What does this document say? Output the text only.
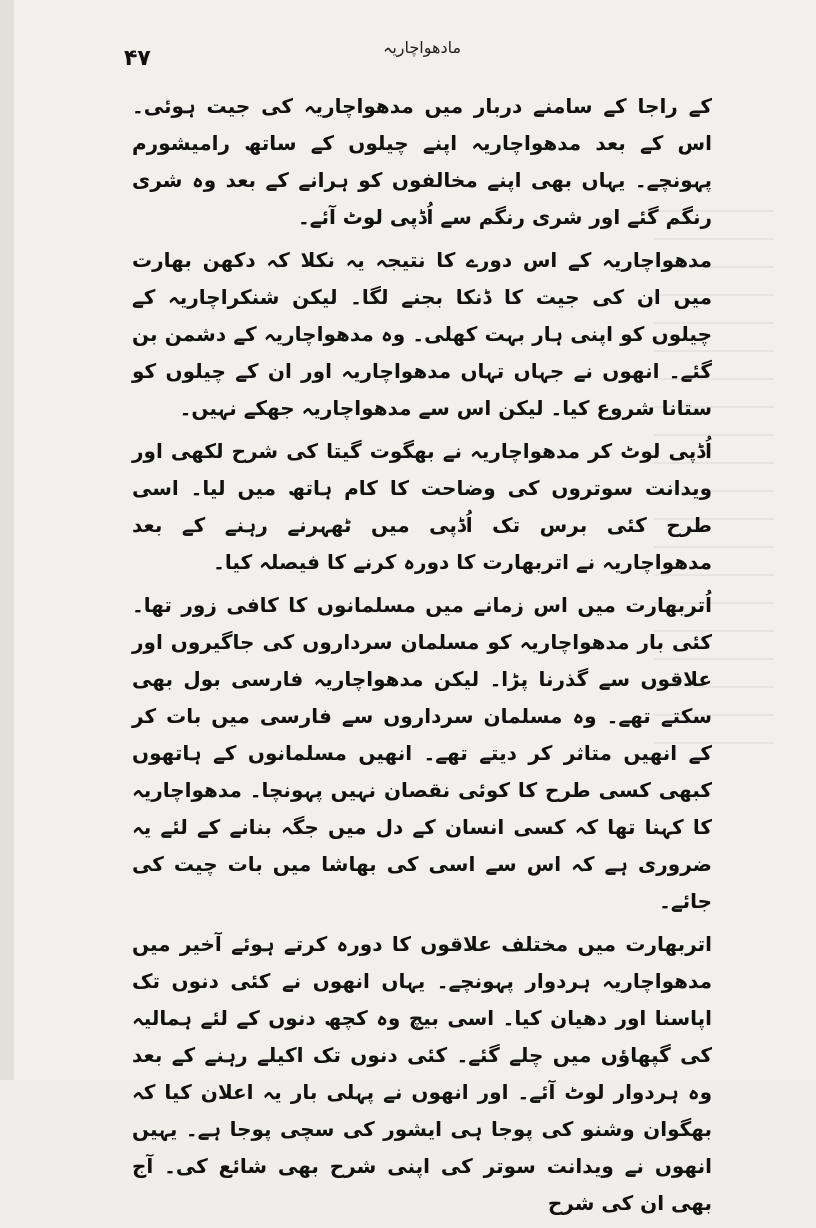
مادھواچاریہ
۴۷

کے راجا کے سامنے دربار میں مدھواچاریہ کی جیت ہوئی۔ اس کے بعد مدھواچاریہ اپنے چیلوں کے ساتھ رامیشورم پہونچے۔ یہاں بھی اپنے مخالفوں کو ہرانے کے بعد وہ شری رنگم گئے اور شری رنگم سے اُڈپی لوٹ آئے۔

مدھواچاریہ کے اس دورے کا نتیجہ یہ نکلا کہ دکھن بھارت میں ان کی جیت کا ڈنکا بجنے لگا۔ لیکن شنکراچاریہ کے چیلوں کو اپنی ہار بہت کھلی۔ وہ مدھواچاریہ کے دشمن بن گئے۔ انھوں نے جہاں تہاں مدھواچاریہ اور ان کے چیلوں کو ستانا شروع کیا۔ لیکن اس سے مدھواچاریہ جھکے نہیں۔

اُڈپی لوٹ کر مدھواچاریہ نے بھگوت گیتا کی شرح لکھی اور ویدانت سوتروں کی وضاحت کا کام ہاتھ میں لیا۔ اسی طرح کئی برس تک اُڈپی میں ٹھہرنے رہنے کے بعد مدھواچاریہ نے اتربھارت کا دورہ کرنے کا فیصلہ کیا۔

اُتربھارت میں اس زمانے میں مسلمانوں کا کافی زور تھا۔ کئی بار مدھواچاریہ کو مسلمان سرداروں کی جاگیروں اور علاقوں سے گذرنا پڑا۔ لیکن مدھواچاریہ فارسی بول بھی سکتے تھے۔ وہ مسلمان سرداروں سے فارسی میں بات کر کے انھیں متاثر کر دیتے تھے۔ انھیں مسلمانوں کے ہاتھوں کبھی کسی طرح کا کوئی نقصان نہیں پہونچا۔ مدھواچاریہ کا کہنا تھا کہ کسی انسان کے دل میں جگہ بنانے کے لئے یہ ضروری ہے کہ اس سے اسی کی بھاشا میں بات چیت کی جائے۔

اتربھارت میں مختلف علاقوں کا دورہ کرتے ہوئے آخیر میں مدھواچاریہ ہردوار پہونچے۔ یہاں انھوں نے کئی دنوں تک اپاسنا اور دھیان کیا۔ اسی بیچ وہ کچھ دنوں کے لئے ہمالیہ کی گپھاؤں میں چلے گئے۔ کئی دنوں تک اکیلے رہنے کے بعد وہ ہردوار لوٹ آئے۔ اور انھوں نے پہلی بار یہ اعلان کیا کہ بھگوان وشنو کی پوجا ہی ایشور کی سچی پوجا ہے۔ یہیں انھوں نے ویدانت سوتر کی اپنی شرح بھی شائع کی۔ آج بھی ان کی شرح
